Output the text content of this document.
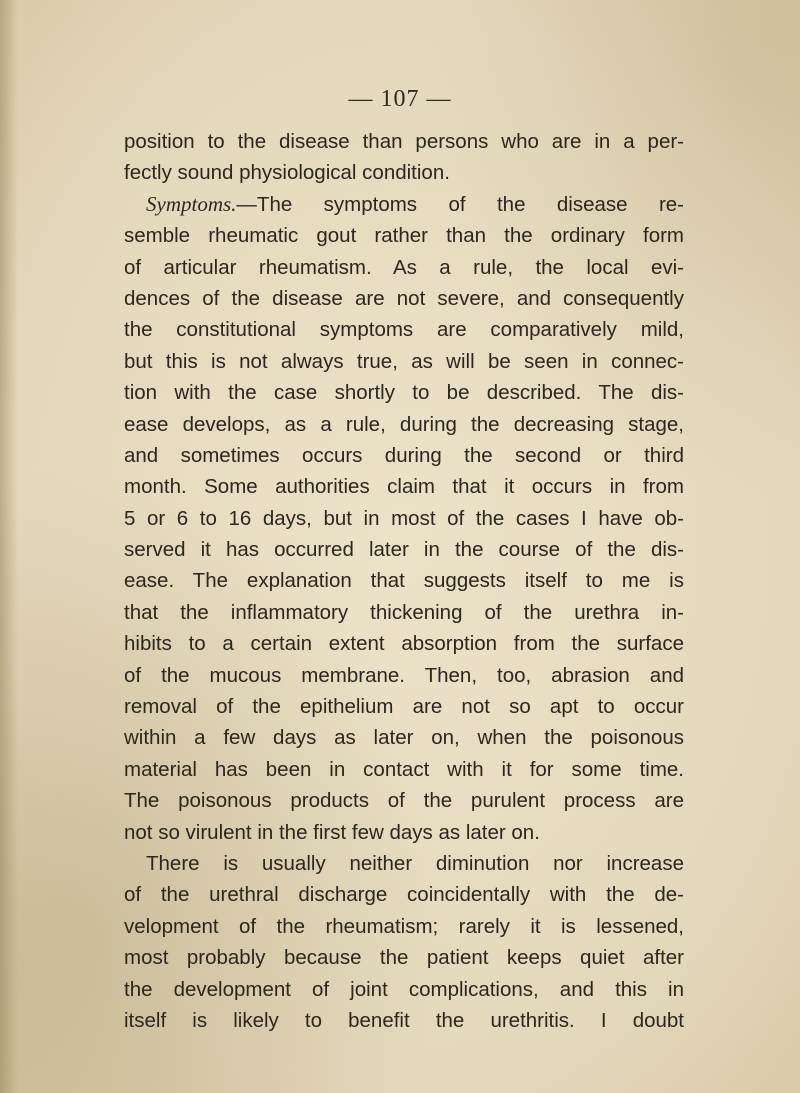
— 107 —
position to the disease than persons who are in a per-
fectly sound physiological condition.
Symptoms.—The symptoms of the disease re-
semble rheumatic gout rather than the ordinary form
of articular rheumatism. As a rule, the local evi-
dences of the disease are not severe, and consequently
the constitutional symptoms are comparatively mild,
but this is not always true, as will be seen in connec-
tion with the case shortly to be described. The dis-
ease develops, as a rule, during the decreasing stage,
and sometimes occurs during the second or third
month. Some authorities claim that it occurs in from
5 or 6 to 16 days, but in most of the cases I have ob-
served it has occurred later in the course of the dis-
ease. The explanation that suggests itself to me is
that the inflammatory thickening of the urethra in-
hibits to a certain extent absorption from the surface
of the mucous membrane. Then, too, abrasion and
removal of the epithelium are not so apt to occur
within a few days as later on, when the poisonous
material has been in contact with it for some time.
The poisonous products of the purulent process are
not so virulent in the first few days as later on.
There is usually neither diminution nor increase
of the urethral discharge coincidentally with the de-
velopment of the rheumatism; rarely it is lessened,
most probably because the patient keeps quiet after
the development of joint complications, and this in
itself is likely to benefit the urethritis. I doubt
